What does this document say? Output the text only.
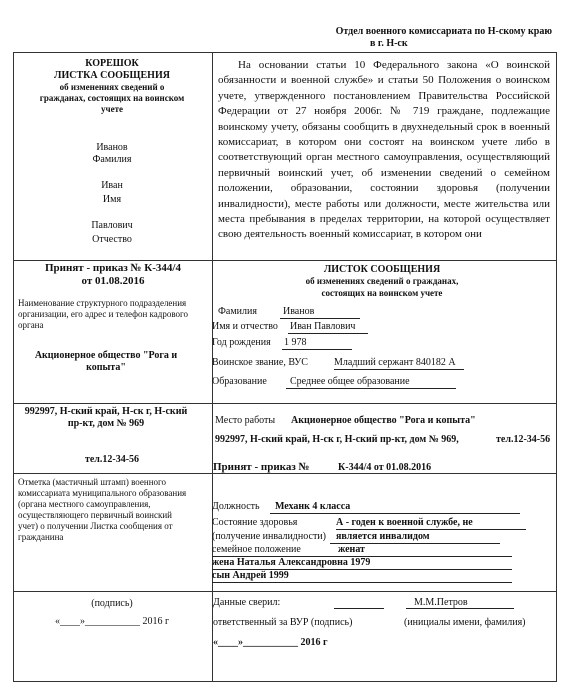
Отдел военного комиссариата по Н-скому краю
в г. Н-ск
КОРЕШОК
ЛИСТКА СООБЩЕНИЯ
об изменениях сведений о гражданах, состоящих на воинском учете
Иванов
Фамилия
Иван
Имя
Павлович
Отчество
Принят - приказ № К-344/4 от 01.08.2016
Наименование структурного подразделения организации, его адрес и телефон кадрового органа
Акционерное общество "Рога и копыта"
992997, Н-ский край, Н-ск г, Н-ский пр-кт, дом № 969
тел.12-34-56
Отметка (мастичный штамп) военного комиссариата муниципального образования (органа местного самоуправления, осуществляющего первичный воинский учет) о получении Листка сообщения от гражданина
(подпись)
«____»___________ 2016 г
На основании статьи 10 Федерального закона «О воинской обязанности и военной службе» и статьи 50 Положения о воинском учете, утвержденного постановлением Правительства Российской Федерации от 27 ноября 2006г. № 719 граждане, подлежащие воинскому учету, обязаны сообщить в двухнедельный срок в военный комиссариат, в котором они состоят на воинском учете либо в соответствующий орган местного самоуправления, осуществляющий первичный воинский учет, об изменении сведений о семейном положении, образовании, состоянии здоровья (получении инвалидности), месте работы или должности, месте жительства или места пребывания в пределах территории, на которой осуществляет свою деятельность военный комиссариат, в котором они
ЛИСТОК СООБЩЕНИЯ
об изменениях сведений о гражданах,
состоящих на воинском учете
Фамилия	Иванов
Имя и отчество Иван Павлович
Год рождения 1 978
Воинское звание, ВУС	Младший сержант 840182 А
Образование Среднее общее образование
Место работы Акционерное общество "Рога и копыта"
992997, Н-ский край, Н-ск г, Н-ский пр-кт, дом № 969,	тел.12-34-56
Принят - приказ №	К-344/4 от 01.08.2016
Должность Механк 4 класса
Состояние здоровья	А - годен к военной службе, не
(получение инвалидности) является инвалидом
семейное положение	женат
жена Наталья Александровна 1979
сын Андрей 1999
Данные сверил:	М.М.Петров
ответственный за ВУР (подпись)	(инициалы имени, фамилия)
«____»___________ 2016 г
